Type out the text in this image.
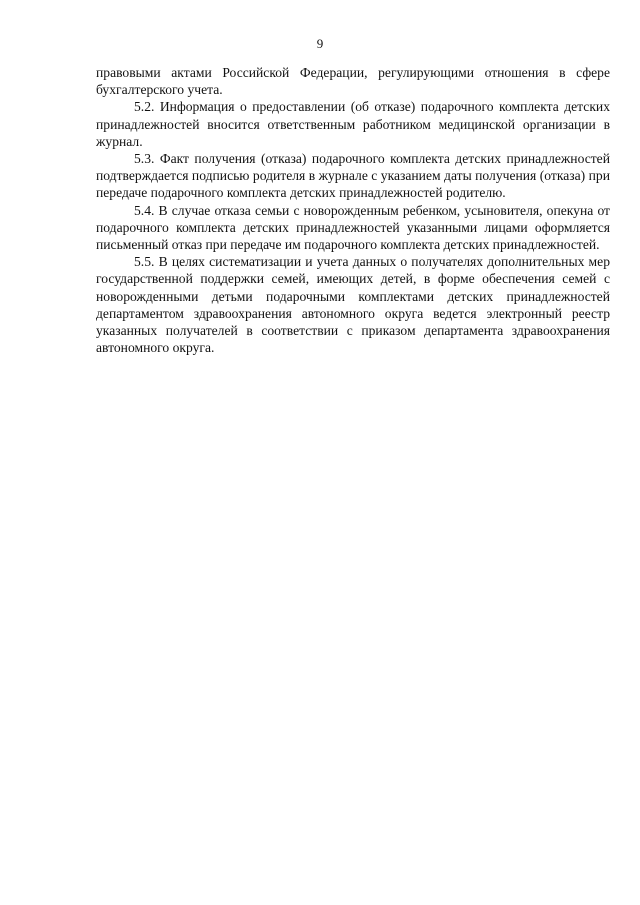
9

правовыми актами Российской Федерации, регулирующими отношения в сфере бухгалтерского учета.

5.2. Информация о предоставлении (об отказе) подарочного комплекта детских принадлежностей вносится ответственным работником медицинской организации в журнал.

5.3. Факт получения (отказа) подарочного комплекта детских принадлежностей подтверждается подписью родителя в журнале с указанием даты получения (отказа) при передаче подарочного комплекта детских принадлежностей родителю.

5.4. В случае отказа семьи с новорожденным ребенком, усыновителя, опекуна от подарочного комплекта детских принадлежностей указанными лицами оформляется письменный отказ при передаче им подарочного комплекта детских принадлежностей.

5.5. В целях систематизации и учета данных о получателях дополнительных мер государственной поддержки семей, имеющих детей, в форме обеспечения семей с новорожденными детьми подарочными комплектами детских принадлежностей департаментом здравоохранения автономного округа ведется электронный реестр указанных получателей в соответствии с приказом департамента здравоохранения автономного округа.
